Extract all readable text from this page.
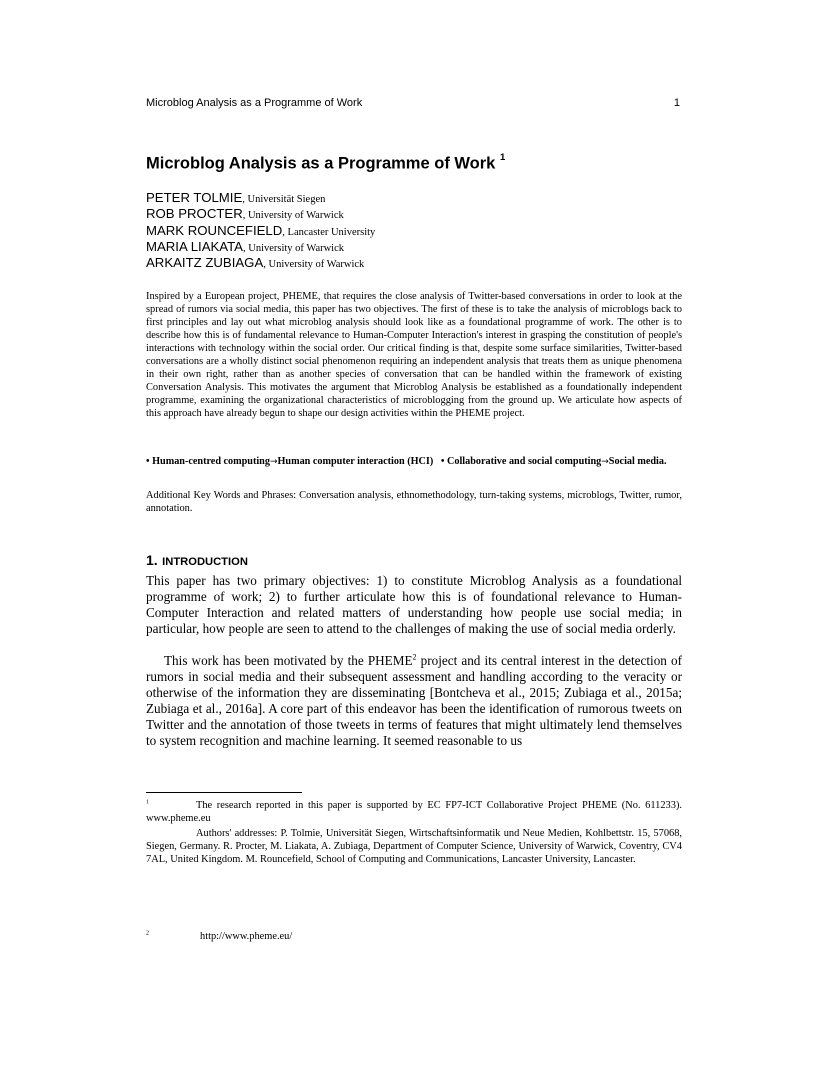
Microblog Analysis as a Programme of Work	1
Microblog Analysis as a Programme of Work $^1$
PETER TOLMIE, Universität Siegen
ROB PROCTER, University of Warwick
MARK ROUNCEFIELD, Lancaster University
MARIA LIAKATA, University of Warwick
ARKAITZ ZUBIAGA, University of Warwick

Inspired by a European project, PHEME, that requires the close analysis of Twitter-based conversations in order to look at the spread of rumors via social media, this paper has two objectives. The first of these is to take the analysis of microblogs back to first principles and lay out what microblog analysis should look like as a foundational programme of work. The other is to describe how this is of fundamental relevance to Human-Computer Interaction's interest in grasping the constitution of people's interactions with technology within the social order. Our critical finding is that, despite some surface similarities, Twitter-based conversations are a wholly distinct social phenomenon requiring an independent analysis that treats them as unique phenomena in their own right, rather than as another species of conversation that can be handled within the framework of existing Conversation Analysis. This motivates the argument that Microblog Analysis be established as a foundationally independent programme, examining the organizational characteristics of microblogging from the ground up. We articulate how aspects of this approach have already begun to shape our design activities within the PHEME project.

• Human-centred computing→Human computer interaction (HCI) • Collaborative and social computing→Social media.

Additional Key Words and Phrases: Conversation analysis, ethnomethodology, turn-taking systems, microblogs, Twitter, rumor, annotation.

1. INTRODUCTION

This paper has two primary objectives: 1) to constitute Microblog Analysis as a foundational programme of work; 2) to further articulate how this is of foundational relevance to Human-Computer Interaction and related matters of understanding how people use social media; in particular, how people are seen to attend to the challenges of making the use of social media orderly.

This work has been motivated by the PHEME$^2$ project and its central interest in the detection of rumors in social media and their subsequent assessment and handling according to the veracity or otherwise of the information they are disseminating [Bontcheva et al., 2015; Zubiaga et al., 2015a; Zubiaga et al., 2016a]. A core part of this endeavor has been the identification of rumorous tweets on Twitter and the annotation of those tweets in terms of features that might ultimately lend themselves to system recognition and machine learning. It seemed reasonable to us

$^1$	The research reported in this paper is supported by EC FP7-ICT Collaborative Project PHEME (No. 611233). www.pheme.eu

Authors' addresses: P. Tolmie, Universität Siegen, Wirtschaftsinformatik und Neue Medien, Kohlbettstr. 15, 57068, Siegen, Germany. R. Procter, M. Liakata, A. Zubiaga, Department of Computer Science, University of Warwick, Coventry, CV4 7AL, United Kingdom. M. Rouncefield, School of Computing and Communications, Lancaster University, Lancaster.

$^2$	http://www.pheme.eu/
